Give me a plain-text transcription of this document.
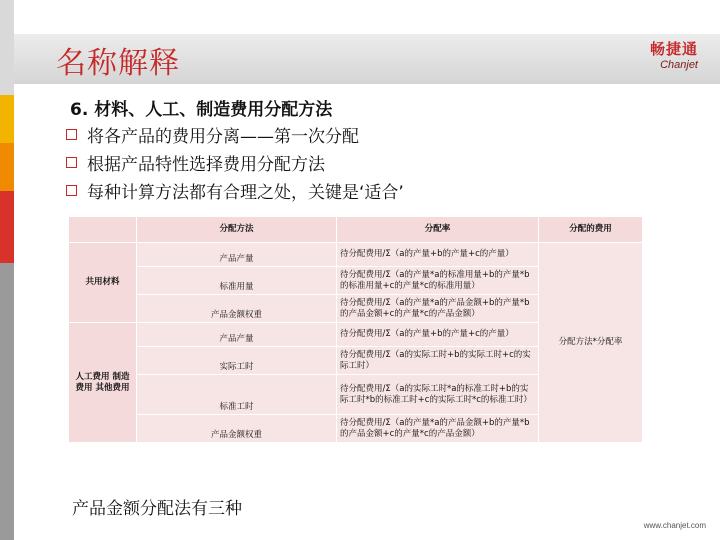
名称解释	畅捷通
Chanjet
6. 材料、人工、制造费用分配方法
将各产品的费用分离——第一次分配
根据产品特性选择费用分配方法
每种计算方法都有合理之处，关键是‘适合’
	分配方法	分配率	分配的费用
共用材料	产品产量	待分配费用/Σ（a的产量+b的产量+c的产量）	分配方法*分配率
	标准用量	待分配费用/Σ（a的产量*a的标准用量+b的产量*b的标准用量+c的产量*c的标准用量）	
	产品金额权重	待分配费用/Σ（a的产量*a的产品金额+b的产量*b的产品金额+c的产量*c的产品金额）	
人工费用 制造费用 其他费用	产品产量	待分配费用/Σ（a的产量+b的产量+c的产量）	
	实际工时	待分配费用/Σ（a的实际工时+b的实际工时+c的实际工时）	
	标准工时	待分配费用/Σ（a的实际工时*a的标准工时+b的实际工时*b的标准工时+c的实际工时*c的标准工时）	
	产品金额权重	待分配费用/Σ（a的产量*a的产品金额+b的产量*b的产品金额+c的产量*c的产品金额）	
产品金额分配法有三种
www.chanjet.com
